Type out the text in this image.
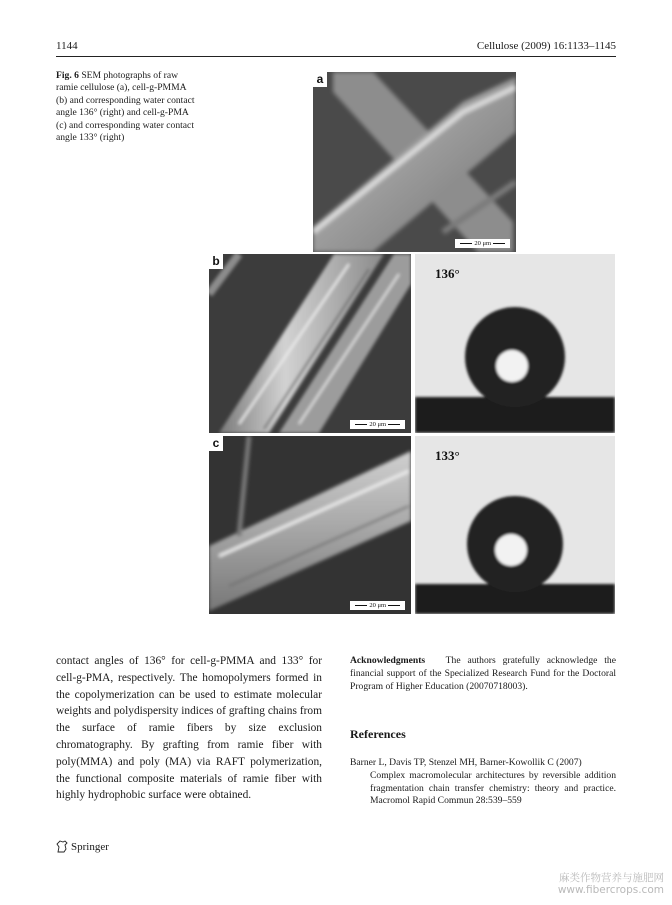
1144	Cellulose (2009) 16:1133–1145
Fig. 6 SEM photographs of raw ramie cellulose (a), cell-g-PMMA (b) and corresponding water contact angle 136° (right) and cell-g-PMA (c) and corresponding water contact angle 133° (right)
a
20 μm
b
20 μm
136°
c
20 μm
133°
contact angles of 136° for cell-g-PMMA and 133° for cell-g-PMA, respectively. The homopolymers formed in the copolymerization can be used to estimate molecular weights and polydispersity indices of grafting chains from the surface of ramie fibers by size exclusion chromatography. By grafting from ramie fiber with poly(MMA) and poly (MA) via RAFT polymerization, the functional composite materials of ramie fiber with highly hydrophobic surface were obtained.
Acknowledgments The authors gratefully acknowledge the financial support of the Specialized Research Fund for the Doctoral Program of Higher Education (20070718003).
References
Barner L, Davis TP, Stenzel MH, Barner-Kowollik C (2007)
Complex macromolecular architectures by reversible addition fragmentation chain transfer chemistry: theory and practice. Macromol Rapid Commun 28:539–559
Springer
麻类作物营养与施肥网
www.fibercrops.com
